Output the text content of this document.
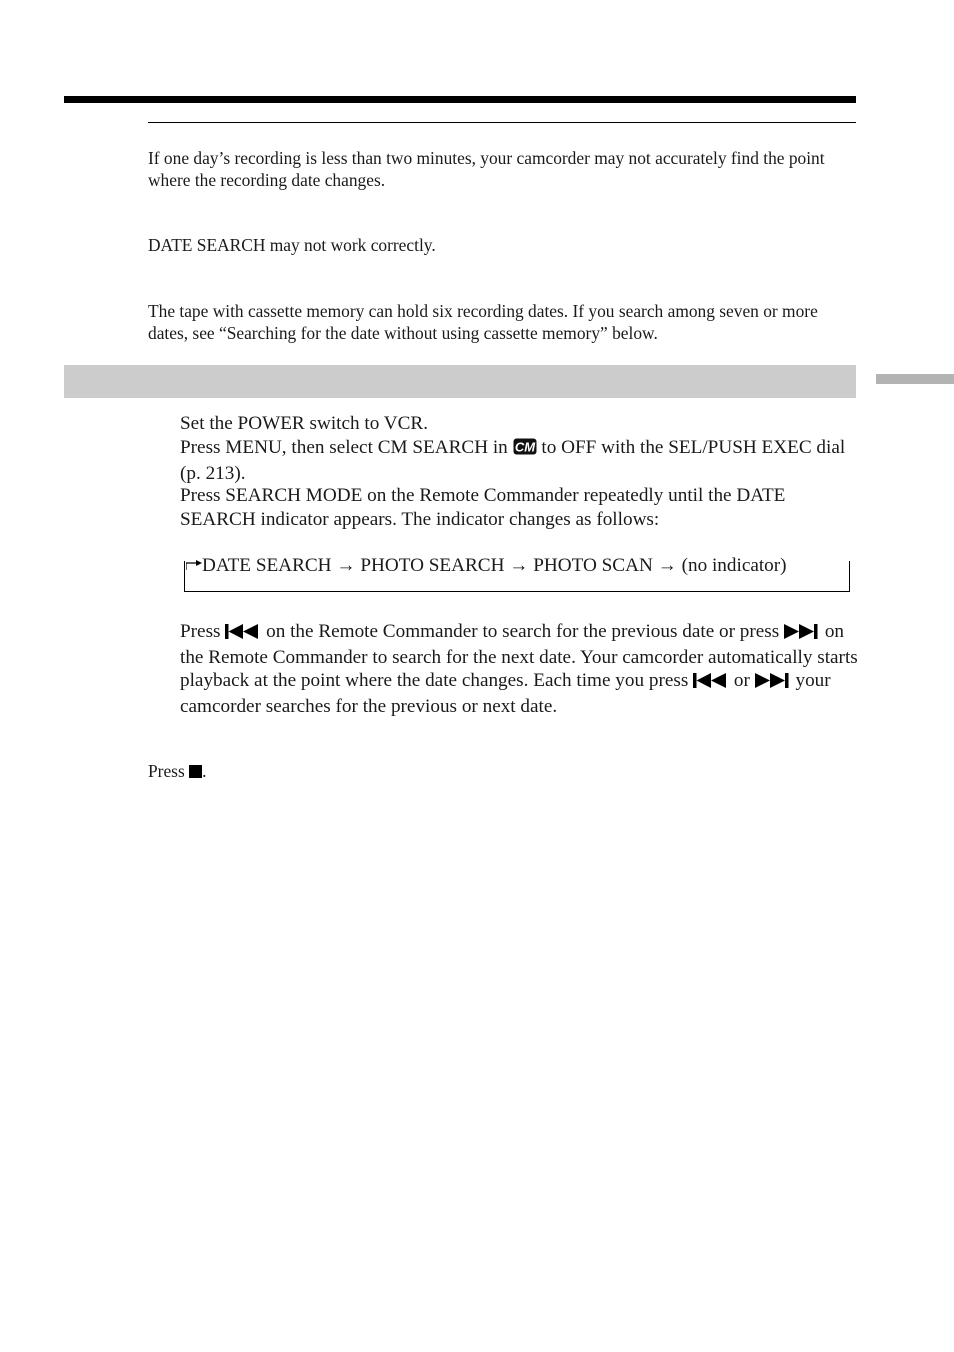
If one day’s recording is less than two minutes, your camcorder may not accurately find the point where the recording date changes.
DATE SEARCH may not work correctly.
The tape with cassette memory can hold six recording dates. If you search among seven or more dates, see “Searching for the date without using cassette memory” below.
Set the POWER switch to VCR.
Press MENU, then select CM SEARCH in CM to OFF with the SEL/PUSH EXEC dial (p. 213).
Press SEARCH MODE on the Remote Commander repeatedly until the DATE SEARCH indicator appears. The indicator changes as follows:
DATE SEARCH → PHOTO SEARCH → PHOTO SCAN → (no indicator)
Press on the Remote Commander to search for the previous date or press on the Remote Commander to search for the next date. Your camcorder automatically starts playback at the point where the date changes. Each time you press or your camcorder searches for the previous or next date.
Press .
